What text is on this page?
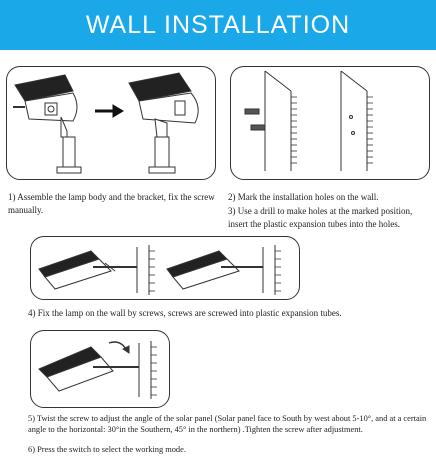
WALL INSTALLATION

1) Assemble the lamp body and the bracket, fix the screw manually.

2) Mark the installation holes on the wall.

3) Use a drill to make holes at the marked position, insert the plastic expansion tubes into the holes.

4) Fix the lamp on the wall by screws, screws are screwed into plastic expansion tubes.

5) Twist the screw to adjust the angle of the solar panel (Solar panel face to South by west about 5-10°, and at a certain angle to the horizontal: 30°in the Southern, 45° in the northern) .Tighten the screw after adjustment.

6) Press the switch to select the working mode.
